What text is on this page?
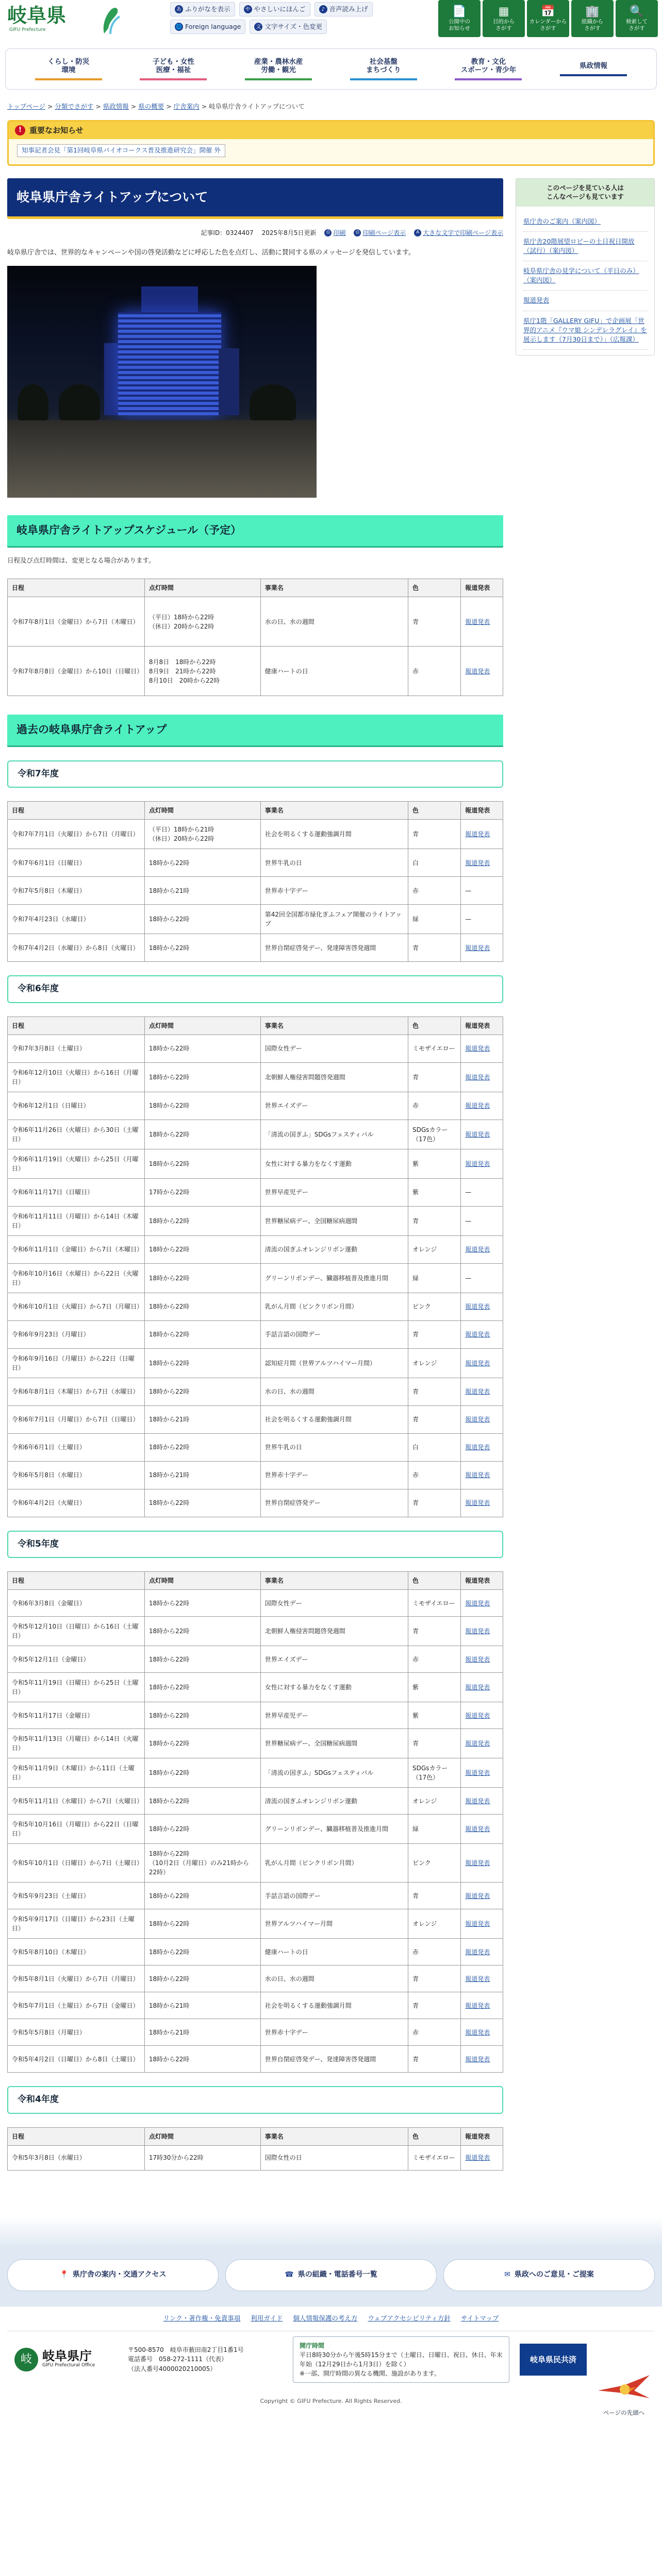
岐阜県
GIFU Prefecture
あ ふりがなを表示	や やさしいにほんご	♪ 音声読み上げ
🌐 Foreign language	文 文字サイズ・色変更
📄
公開中の
お知らせ
▦
目的から
さがす
📅
カレンダーから
さがす
🏢
組織から
さがす
🔍
検索して
さがす
くらし・防災
環境
子ども・女性
医療・福祉
産業・農林水産
労働・観光
社会基盤
まちづくり
教育・文化
スポーツ・青少年
県政情報
トップページ > 分類でさがす > 県政情報 > 県の概要 > 庁舎案内 > 岐阜県庁舎ライトアップについて
!	重要なお知らせ
知事記者会見「第1回岐阜県バイオコークス普及推進研究会」開催 外
岐阜県庁舎ライトアップについて
記事ID：0324407 2025年8月5日更新	⎙ 印刷	⎙ 印刷ページ表示	A 大きな文字で印刷ページ表示

岐阜県庁舎では、世界的なキャンペーンや国の啓発活動などに呼応した色を点灯し、活動に賛同する県のメッセージを発信しています。

岐阜県庁舎ライトアップスケジュール（予定）

日程及び点灯時間は、変更となる場合があります。

日程	点灯時間	事業名	色	報道発表
令和7年8月1日（金曜日）から7日（木曜日）	（平日）18時から22時
（休日）20時から22時	水の日、水の週間	青	報道発表
令和7年8月8日（金曜日）から10日（日曜日）	8月8日　18時から22時
8月9日　21時から22時
8月10日　20時から22時	健康ハートの日	赤	報道発表
過去の岐阜県庁舎ライトアップ
令和7年度
日程	点灯時間	事業名	色	報道発表
令和7年7月1日（火曜日）から7日（月曜日）	（平日）18時から21時
（休日）20時から22時	社会を明るくする運動強調月間	青	報道発表
令和7年6月1日（日曜日）	18時から22時	世界牛乳の日	白	報道発表
令和7年5月8日（木曜日）	18時から21時	世界赤十字デー	赤	—
令和7年4月23日（水曜日）	18時から22時	第42回全国都市緑化ぎふフェア開催のライトアップ	緑	—
令和7年4月2日（水曜日）から8日（火曜日）	18時から22時	世界自閉症啓発デー、発達障害啓発週間	青	報道発表
令和6年度
日程	点灯時間	事業名	色	報道発表
令和7年3月8日（土曜日）	18時から22時	国際女性デー	ミモザイエロー	報道発表
令和6年12月10日（火曜日）から16日（月曜日）	18時から22時	北朝鮮人権侵害問題啓発週間	青	報道発表
令和6年12月1日（日曜日）	18時から22時	世界エイズデー	赤	報道発表
令和6年11月26日（火曜日）から30日（土曜日）	18時から22時	「清流の国ぎふ」SDGsフェスティバル	SDGsカラー（17色）	報道発表
令和6年11月19日（火曜日）から25日（月曜日）	18時から22時	女性に対する暴力をなくす運動	紫	報道発表
令和6年11月17日（日曜日）	17時から22時	世界早産児デー	紫	—
令和6年11月11日（月曜日）から14日（木曜日）	18時から22時	世界糖尿病デー、全国糖尿病週間	青	—
令和6年11月1日（金曜日）から7日（木曜日）	18時から22時	清流の国ぎふオレンジリボン運動	オレンジ	報道発表
令和6年10月16日（水曜日）から22日（火曜日）	18時から22時	グリーンリボンデー、臓器移植普及推進月間	緑	—
令和6年10月1日（火曜日）から7日（月曜日）	18時から22時	乳がん月間（ピンクリボン月間）	ピンク	報道発表
令和6年9月23日（月曜日）	18時から22時	手話言語の国際デー	青	報道発表
令和6年9月16日（月曜日）から22日（日曜日）	18時から22時	認知症月間（世界アルツハイマー月間）	オレンジ	報道発表
令和6年8月1日（木曜日）から7日（水曜日）	18時から22時	水の日、水の週間	青	報道発表
令和6年7月1日（月曜日）から7日（日曜日）	18時から21時	社会を明るくする運動強調月間	青	報道発表
令和6年6月1日（土曜日）	18時から22時	世界牛乳の日	白	報道発表
令和6年5月8日（水曜日）	18時から21時	世界赤十字デー	赤	報道発表
令和6年4月2日（火曜日）	18時から22時	世界自閉症啓発デー	青	報道発表
令和5年度
日程	点灯時間	事業名	色	報道発表
令和6年3月8日（金曜日）	18時から22時	国際女性デー	ミモザイエロー	報道発表
令和5年12月10日（日曜日）から16日（土曜日）	18時から22時	北朝鮮人権侵害問題啓発週間	青	報道発表
令和5年12月1日（金曜日）	18時から22時	世界エイズデー	赤	報道発表
令和5年11月19日（日曜日）から25日（土曜日）	18時から22時	女性に対する暴力をなくす運動	紫	報道発表
令和5年11月17日（金曜日）	18時から22時	世界早産児デー	紫	報道発表
令和5年11月13日（月曜日）から14日（火曜日）	18時から22時	世界糖尿病デー、全国糖尿病週間	青	報道発表
令和5年11月9日（木曜日）から11日（土曜日）	18時から22時	「清流の国ぎふ」SDGsフェスティバル	SDGsカラー（17色）	報道発表
令和5年11月1日（水曜日）から7日（火曜日）	18時から22時	清流の国ぎふオレンジリボン運動	オレンジ	報道発表
令和5年10月16日（月曜日）から22日（日曜日）	18時から22時	グリーンリボンデー、臓器移植普及推進月間	緑	報道発表
令和5年10月1日（日曜日）から7日（土曜日）	18時から22時
（10月2日（月曜日）のみ21時から22時）	乳がん月間（ピンクリボン月間）	ピンク	報道発表
令和5年9月23日（土曜日）	18時から22時	手話言語の国際デー	青	報道発表
令和5年9月17日（日曜日）から23日（土曜日）	18時から22時	世界アルツハイマー月間	オレンジ	報道発表
令和5年8月10日（木曜日）	18時から22時	健康ハートの日	赤	報道発表
令和5年8月1日（火曜日）から7日（月曜日）	18時から22時	水の日、水の週間	青	報道発表
令和5年7月1日（土曜日）から7日（金曜日）	18時から21時	社会を明るくする運動強調月間	青	報道発表
令和5年5月8日（月曜日）	18時から21時	世界赤十字デー	赤	報道発表
令和5年4月2日（日曜日）から8日（土曜日）	18時から22時	世界自閉症啓発デー、発達障害啓発週間	青	報道発表
令和4年度
日程	点灯時間	事業名	色	報道発表
令和5年3月8日（水曜日）	17時30分から22時	国際女性の日	ミモザイエロー	報道発表
このページを見ている人は
こんなページも見ています
県庁舎のご案内（案内図）
県庁舎20階展望ロビーの土日祝日開放（試行）（案内図）
岐阜県庁舎の見学について（平日のみ）（案内図）
報道発表
県庁1階「GALLERY GIFU」で企画展「世界的アニメ『ウマ娘 シンデレラグレイ』を展示します（7月30日まで）」（広報課）
ページの先頭へ
📍 県庁舎の案内・交通アクセス	☎ 県の組織・電話番号一覧	✉ 県政へのご意見・ご提案
リンク・著作権・免責事項 利用ガイド 個人情報保護の考え方 ウェブアクセシビリティ方針 サイトマップ
岐 岐阜県庁
GIFU Prefectural Office
〒500-8570　岐阜市薮田南2丁目1番1号
電話番号　058-272-1111（代表）
（法人番号4000020210005）
開庁時間
平日8時30分から午後5時15分まで（土曜日、日曜日、祝日、休日、年末年始（12月29日から1月3日）を除く）
※一部、開庁時間の異なる機関、施設があります。
岐阜県民共済
Copyright © GIFU Prefecture. All Rights Reserved.
